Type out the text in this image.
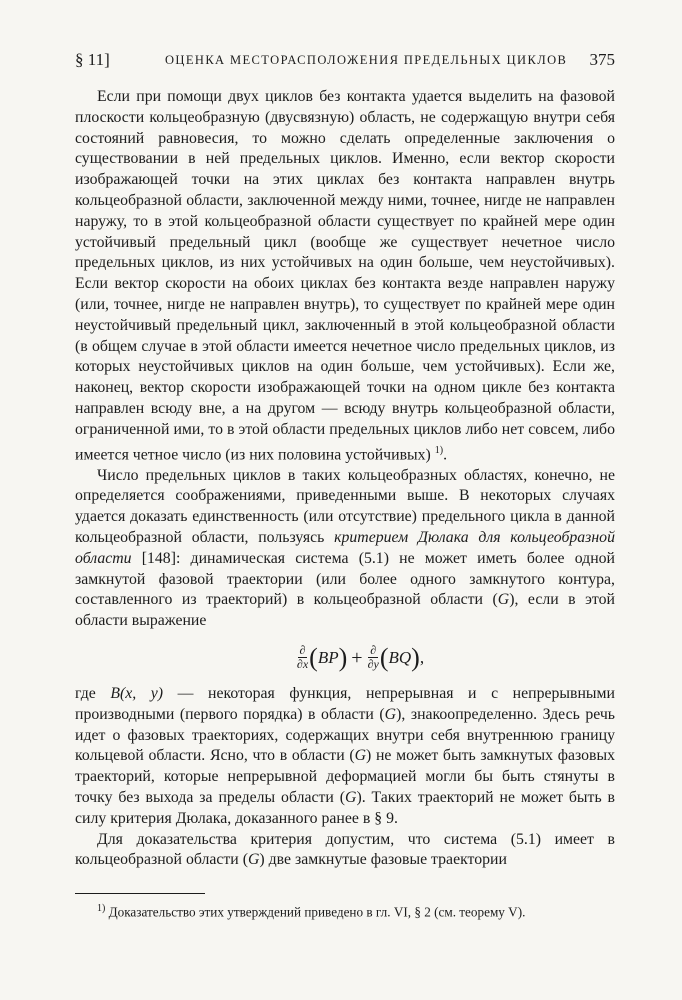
§ 11]	ОЦЕНКА МЕСТОРАСПОЛОЖЕНИЯ ПРЕДЕЛЬНЫХ ЦИКЛОВ 375

Если при помощи двух циклов без контакта удается выделить на фазовой плоскости кольцеобразную (двусвязную) область, не содержащую внутри себя состояний равновесия, то можно сделать определенные заключения о существовании в ней предельных циклов. Именно, если вектор скорости изображающей точки на этих циклах без контакта направлен внутрь кольцеобразной области, заключенной между ними, точнее, нигде не направлен наружу, то в этой кольцеобразной области существует по крайней мере один устойчивый предельный цикл (вообще же существует нечетное число предельных циклов, из них устойчивых на один больше, чем неустойчивых). Если вектор скорости на обоих циклах без контакта везде направлен наружу (или, точнее, нигде не направлен внутрь), то существует по крайней мере один неустойчивый предельный цикл, заключенный в этой кольцеобразной области (в общем случае в этой области имеется нечетное число предельных циклов, из которых неустойчивых циклов на один больше, чем устойчивых). Если же, наконец, вектор скорости изображающей точки на одном цикле без контакта направлен всюду вне, а на другом — всюду внутрь кольцеобразной области, ограниченной ими, то в этой области предельных циклов либо нет совсем, либо имеется четное число (из них половина устойчивых) $^{1)}$.

Число предельных циклов в таких кольцеобразных областях, конечно, не определяется соображениями, приведенными выше. В некоторых случаях удается доказать единственность (или отсутствие) предельного цикла в данной кольцеобразной области, пользуясь критерием Дюлака для кольцеобразной области [148]: динамическая система (5.1) не может иметь более одной замкнутой фазовой траектории (или более одного замкнутого контура, составленного из траекторий) в кольцеобразной области (G), если в этой области выражение

$\frac{\partial}{\partial x}$ ( BP ) + $\frac{\partial}{\partial y}$ ( BQ ) ,

где B(x, y) — некоторая функция, непрерывная и с непрерывными производными (первого порядка) в области (G), знакоопределенно. Здесь речь идет о фазовых траекториях, содержащих внутри себя внутреннюю границу кольцевой области. Ясно, что в области (G) не может быть замкнутых фазовых траекторий, которые непрерывной деформацией могли бы быть стянуты в точку без выхода за пределы области (G). Таких траекторий не может быть в силу критерия Дюлака, доказанного ранее в § 9.

Для доказательства критерия допустим, что система (5.1) имеет в кольцеобразной области (G) две замкнутые фазовые траектории

$^{1)}$ Доказательство этих утверждений приведено в гл. VI, § 2 (см. теорему V).
